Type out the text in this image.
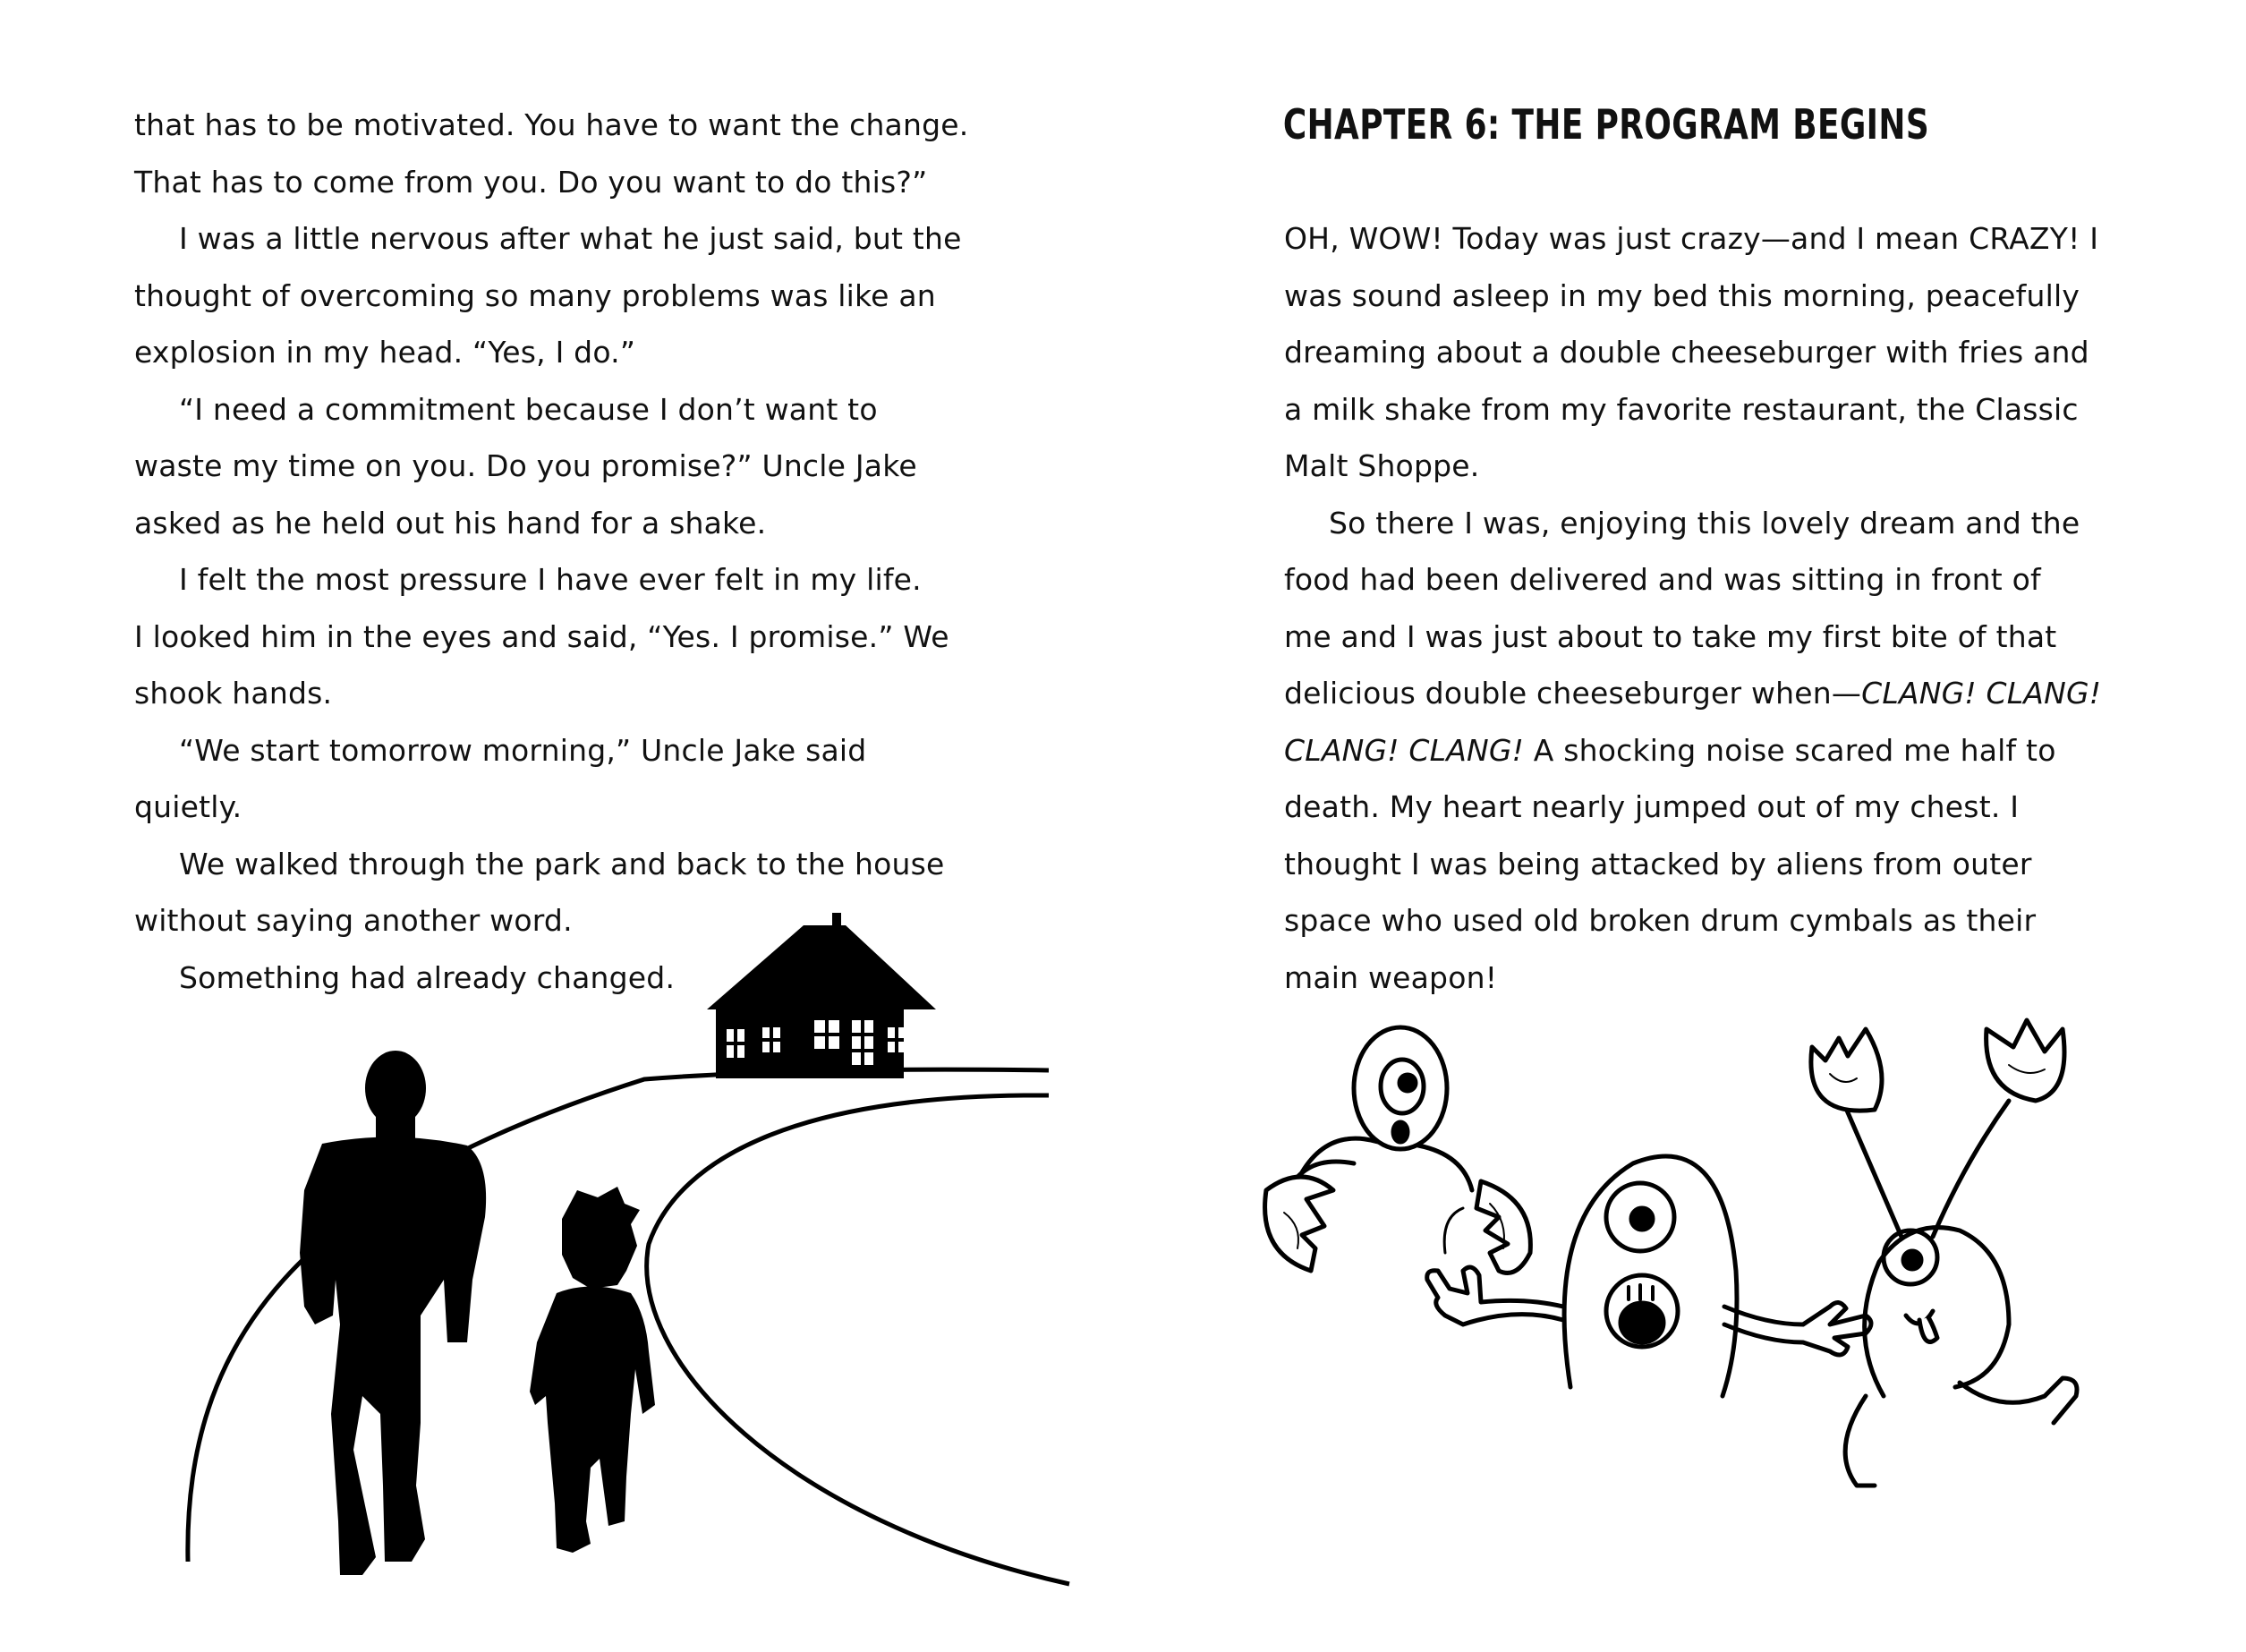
that has to be motivated. You have to want the change.
That has to come from you. Do you want to do this?”
I was a little nervous after what he just said, but the
thought of overcoming so many problems was like an
explosion in my head. “Yes, I do.”
“I need a commitment because I don’t want to
waste my time on you. Do you promise?” Uncle Jake
asked as he held out his hand for a shake.
I felt the most pressure I have ever felt in my life.
I looked him in the eyes and said, “Yes. I promise.” We
shook hands.
“We start tomorrow morning,” Uncle Jake said
quietly.
We walked through the park and back to the house
without saying another word.
Something had already changed.
CHAPTER 6: THE PROGRAM BEGINS
OH, WOW! Today was just crazy—and I mean CRAZY! I
was sound asleep in my bed this morning, peacefully
dreaming about a double cheeseburger with fries and
a milk shake from my favorite restaurant, the Classic
Malt Shoppe.
So there I was, enjoying this lovely dream and the
food had been delivered and was sitting in front of
me and I was just about to take my first bite of that
delicious double cheeseburger when—CLANG! CLANG!
CLANG! CLANG! A shocking noise scared me half to
death. My heart nearly jumped out of my chest. I
thought I was being attacked by aliens from outer
space who used old broken drum cymbals as their
main weapon!
